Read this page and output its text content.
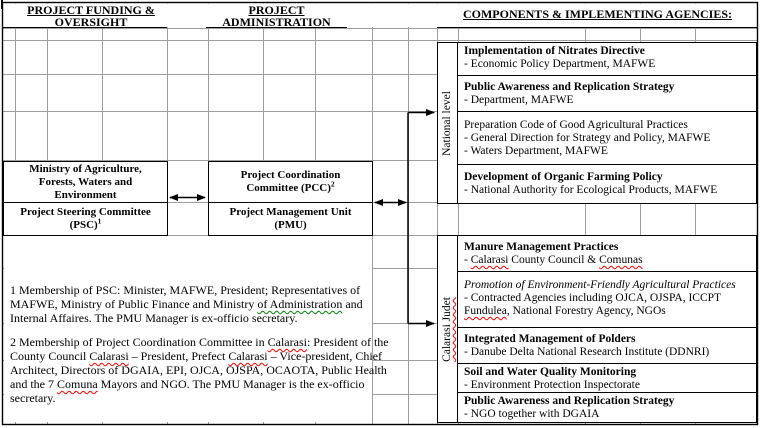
PROJECT FUNDING &
OVERSIGHT
PROJECT
ADMINISTRATION
COMPONENTS & IMPLEMENTING AGENCIES:
Ministry of Agriculture,
Forests, Waters and
Environment
Project Steering Committee
(PSC)$^1$
Project Coordination
Committee (PCC)$^2$
Project Management Unit
(PMU)
National level
Implementation of Nitrates Directive
- Economic Policy Department, MAFWE
Public Awareness and Replication Strategy
- Department, MAFWE
Preparation Code of Good Agricultural Practices
- General Direction for Strategy and Policy, MAFWE
- Waters Department, MAFWE
Development of Organic Farming Policy
- National Authority for Ecological Products, MAFWE
Calarasi Judet
Manure Management Practices
- Calarasi County Council & Comunas
Promotion of Environment-Friendly Agricultural Practices
- Contracted Agencies including OJCA, OJSPA, ICCPT
Fundulea, National Forestry Agency, NGOs
Integrated Management of Polders
- Danube Delta National Research Institute (DDNRI)
Soil and Water Quality Monitoring
- Environment Protection Inspectorate
Public Awareness and Replication Strategy
- NGO together with DGAIA
1 Membership of PSC: Minister, MAFWE, President; Representatives of
MAFWE, Ministry of Public Finance and Ministry of Administration and
Internal Affaires. The PMU Manager is ex-officio secretary.
2 Membership of Project Coordination Committee in Calarasi: President of the
County Council Calarasi – President, Prefect Calarasi – Vice-president, Chief
Architect, Directors of DGAIA, EPI, OJCA, OJSPA, OCAOTA, Public Health
and the 7 Comuna Mayors and NGO. The PMU Manager is the ex-officio
secretary.
